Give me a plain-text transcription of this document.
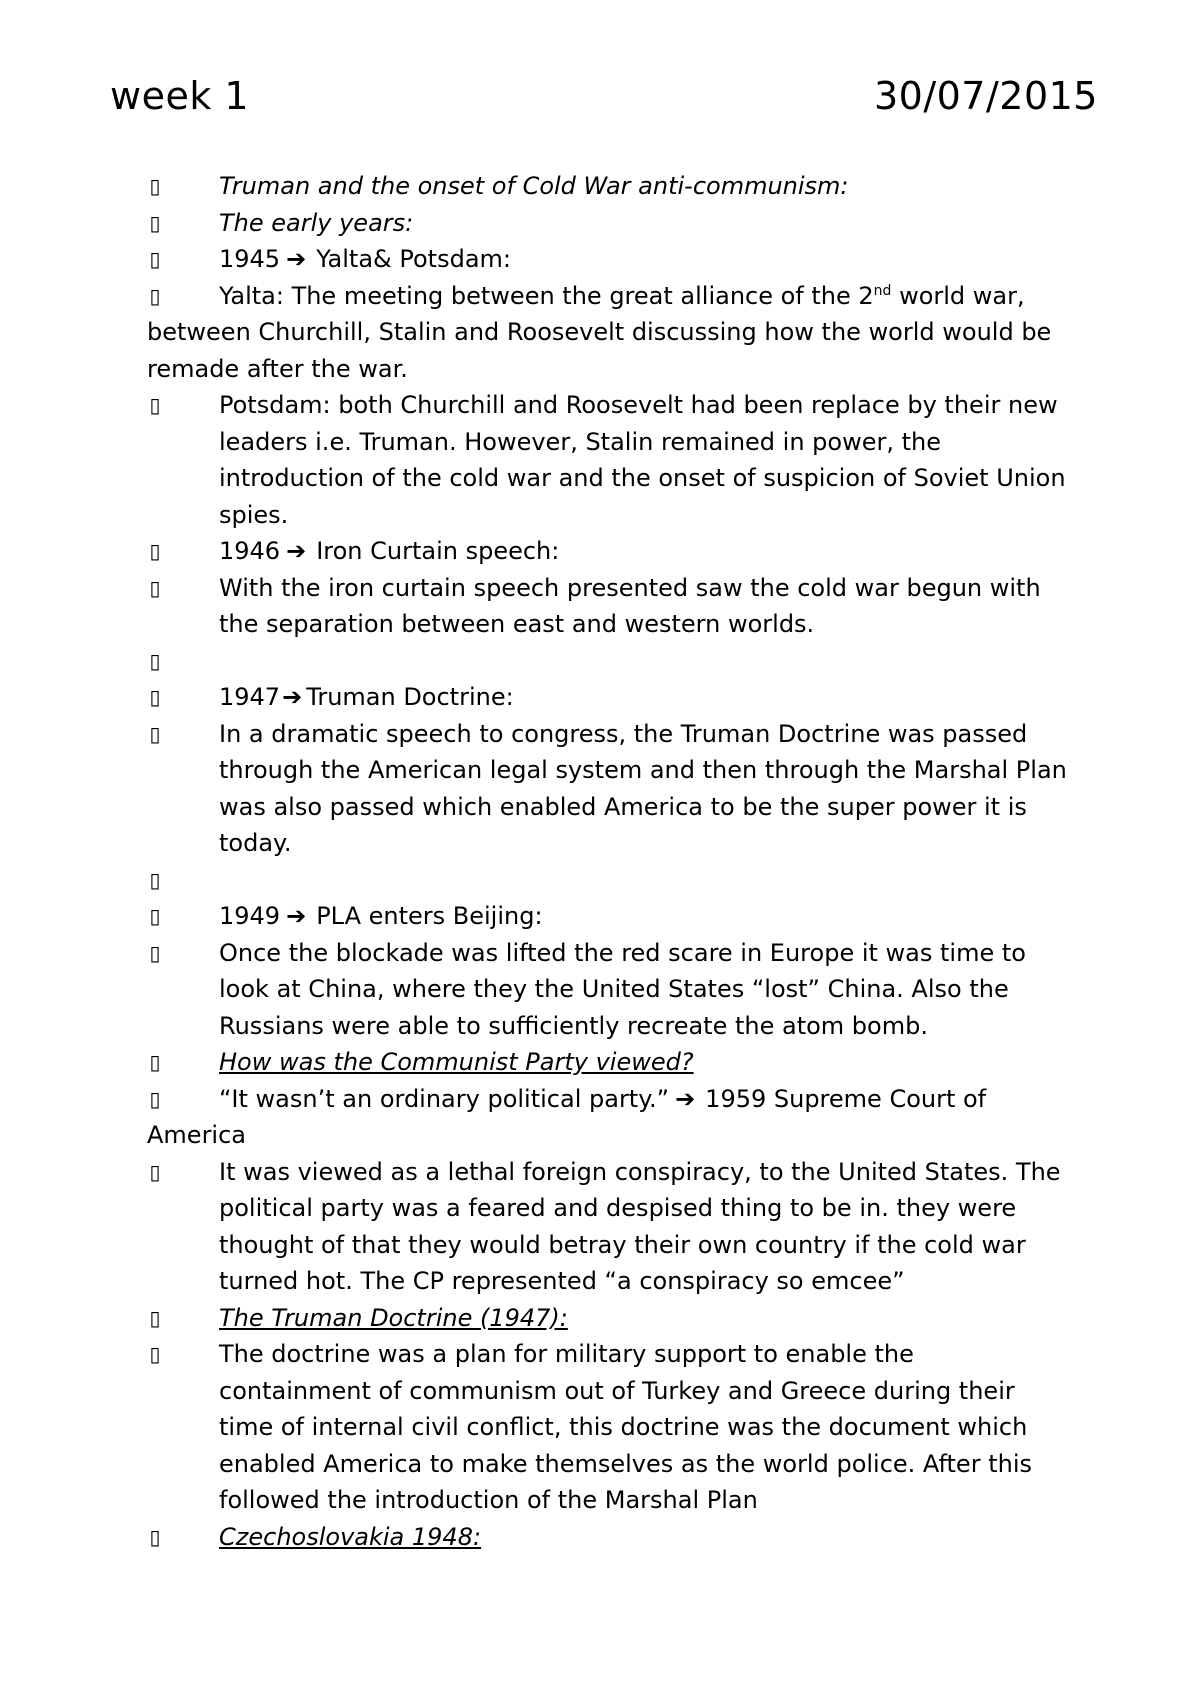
week 1	30/07/2015

▯ Truman and the onset of Cold War anti-communism:

▯ The early years:

▯ 1945 ➔ Yalta& Potsdam:

▯ Yalta: The meeting between the great alliance of the 2nd world war, between Churchill, Stalin and Roosevelt discussing how the world would be remade after the war.

▯ Potsdam: both Churchill and Roosevelt had been replace by their new leaders i.e. Truman. However, Stalin remained in power, the introduction of the cold war and the onset of suspicion of Soviet Union spies.

▯ 1946 ➔ Iron Curtain speech:

▯ With the iron curtain speech presented saw the cold war begun with the separation between east and western worlds.

▯

▯ 1947➔ Truman Doctrine:

▯ In a dramatic speech to congress, the Truman Doctrine was passed through the American legal system and then through the Marshal Plan was also passed which enabled America to be the super power it is today.

▯

▯ 1949 ➔ PLA enters Beijing:

▯ Once the blockade was lifted the red scare in Europe it was time to look at China, where they the United States “lost” China. Also the Russians were able to sufficiently recreate the atom bomb.

▯ How was the Communist Party viewed?

▯ “It wasn’t an ordinary political party.” ➔ 1959 Supreme Court of America

▯ It was viewed as a lethal foreign conspiracy, to the United States. The political party was a feared and despised thing to be in. they were thought of that they would betray their own country if the cold war turned hot. The CP represented “a conspiracy so emcee”

▯ The Truman Doctrine (1947):

▯ The doctrine was a plan for military support to enable the containment of communism out of Turkey and Greece during their time of internal civil conflict, this doctrine was the document which enabled America to make themselves as the world police. After this followed the introduction of the Marshal Plan

▯ Czechoslovakia 1948:
